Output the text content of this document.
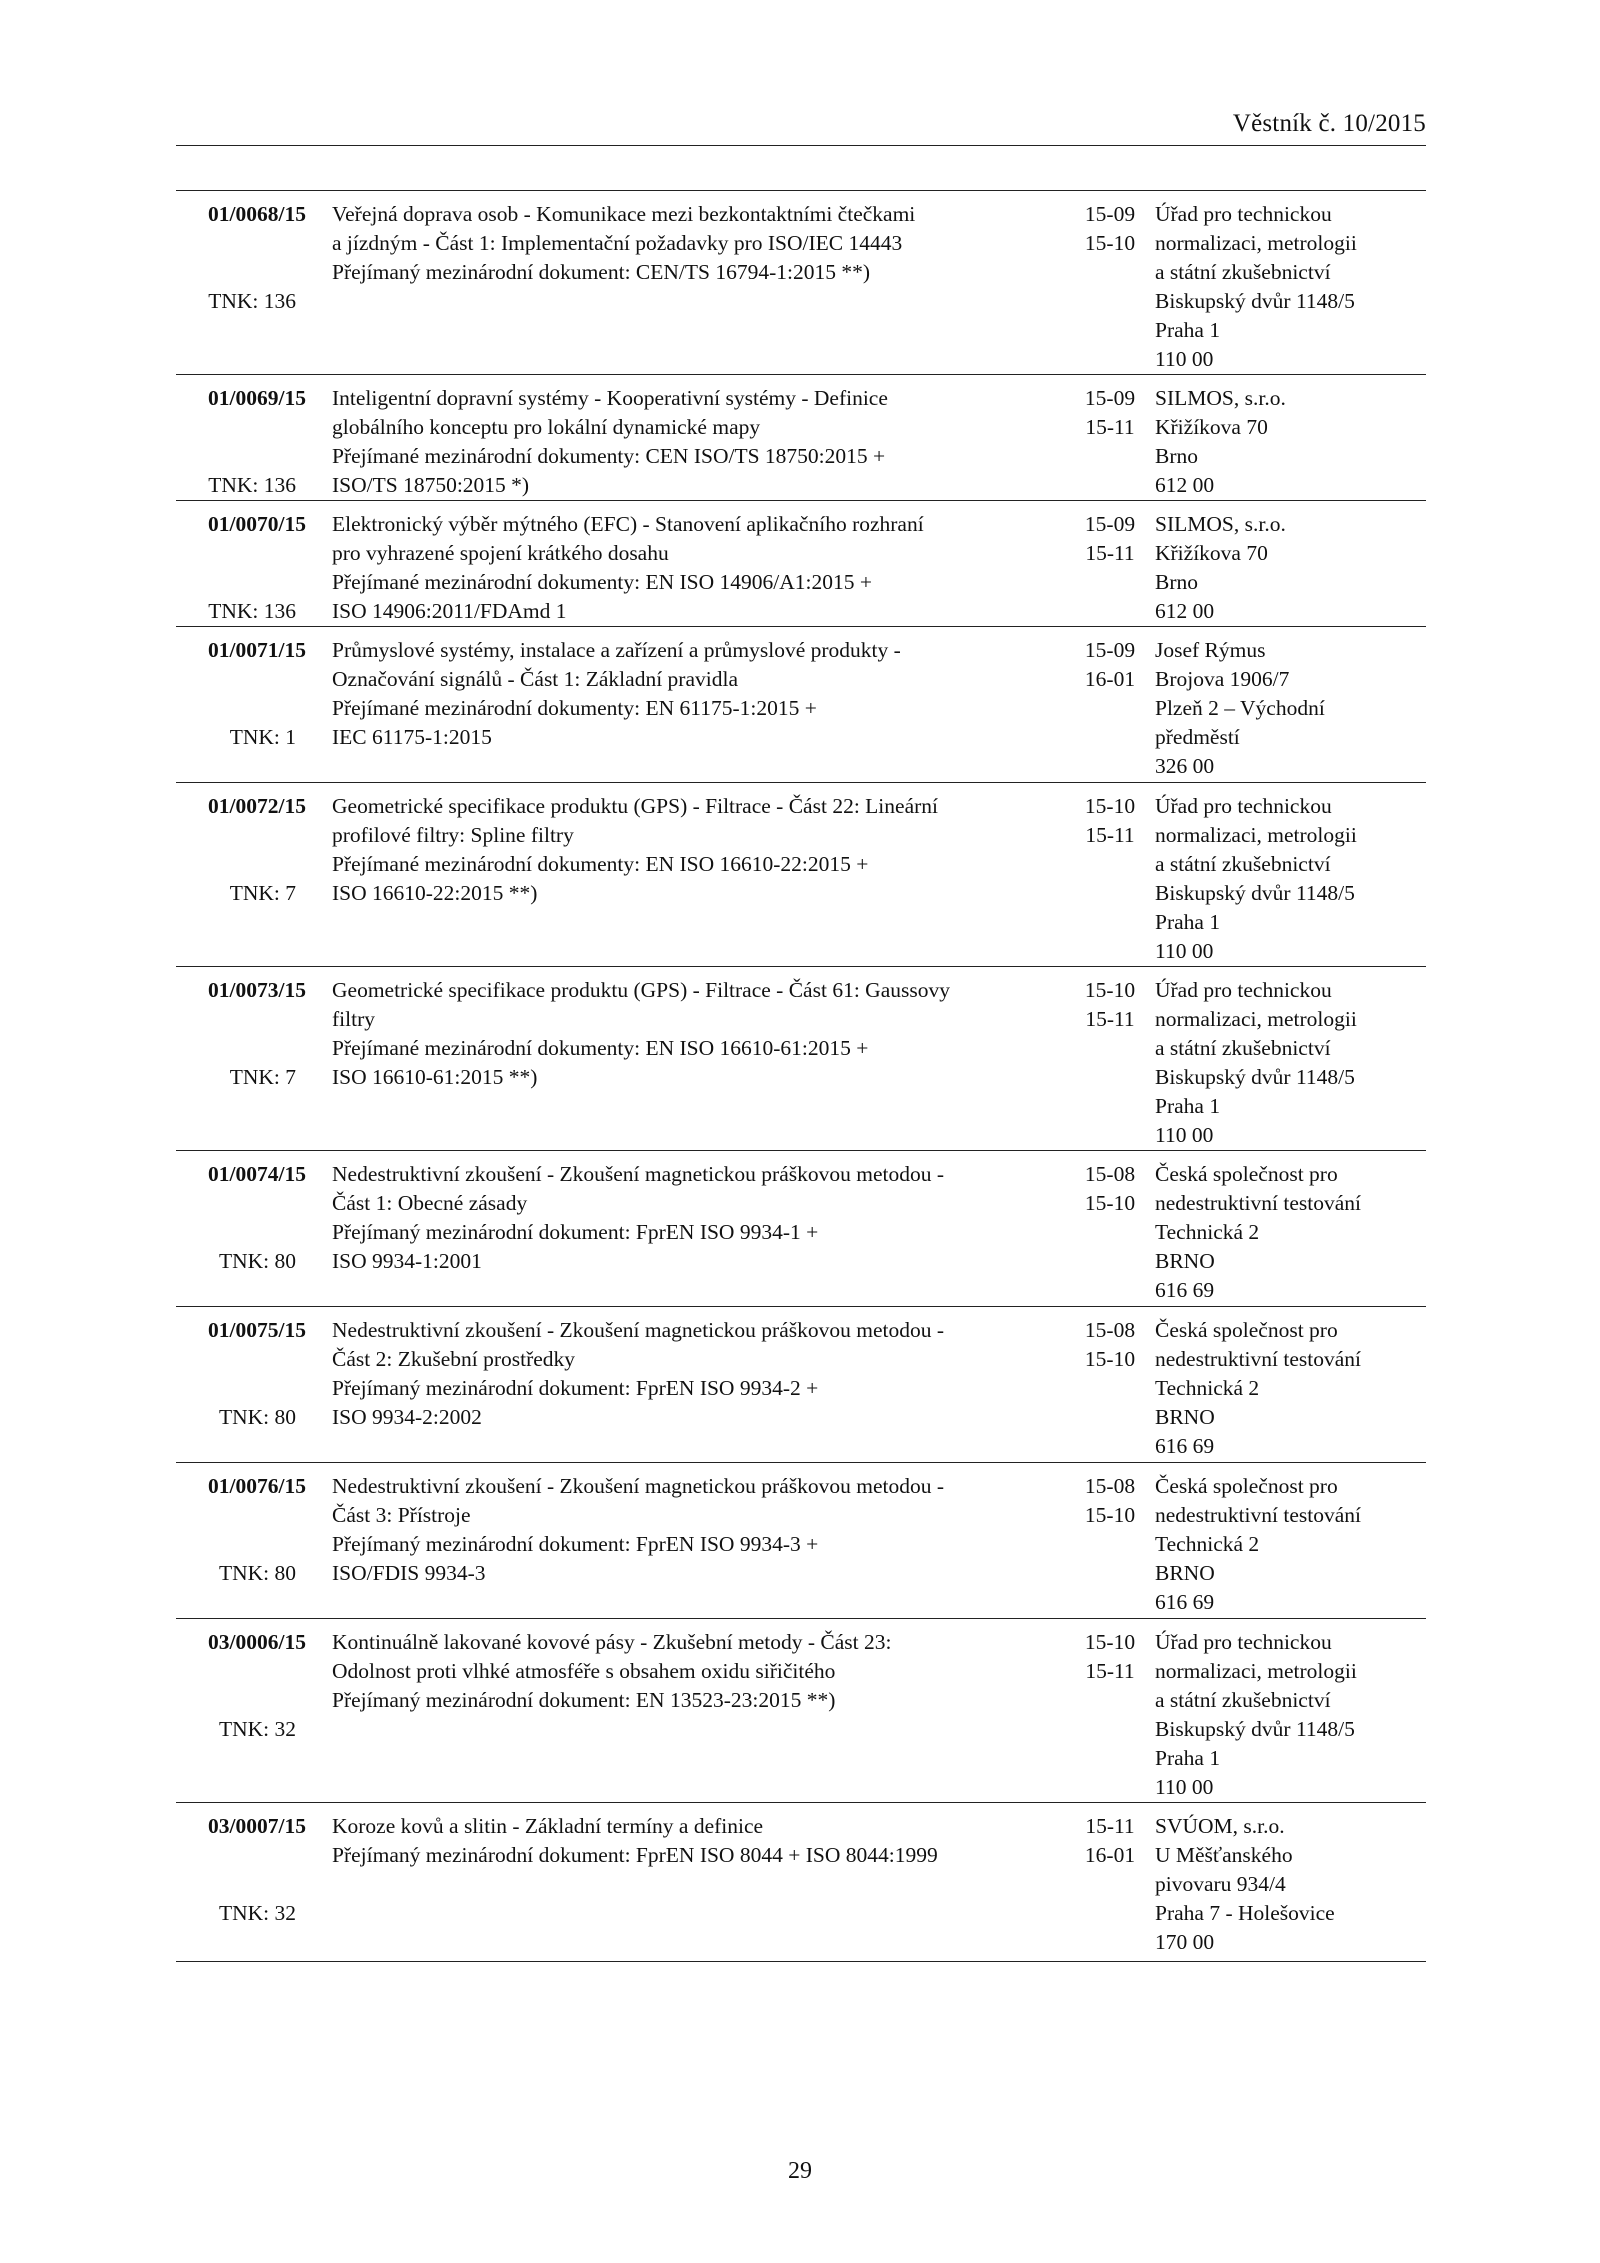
Věstník č. 10/2015
01/0068/15
TNK: 136
Veřejná doprava osob - Komunikace mezi bezkontaktními čtečkami
a jízdným - Část 1: Implementační požadavky pro ISO/IEC 14443
Přejímaný mezinárodní dokument: CEN/TS 16794-1:2015 **)
15-09
15-10
Úřad pro technickou
normalizaci, metrologii
a státní zkušebnictví
Biskupský dvůr 1148/5
Praha 1
110 00
01/0069/15
TNK: 136
Inteligentní dopravní systémy - Kooperativní systémy - Definice
globálního konceptu pro lokální dynamické mapy
Přejímané mezinárodní dokumenty: CEN ISO/TS 18750:2015 +
ISO/TS 18750:2015 *)
15-09
15-11
SILMOS, s.r.o.
Křižíkova 70
Brno
612 00
01/0070/15
TNK: 136
Elektronický výběr mýtného (EFC) - Stanovení aplikačního rozhraní
pro vyhrazené spojení krátkého dosahu
Přejímané mezinárodní dokumenty: EN ISO 14906/A1:2015 +
ISO 14906:2011/FDAmd 1
15-09
15-11
SILMOS, s.r.o.
Křižíkova 70
Brno
612 00
01/0071/15
TNK: 1
Průmyslové systémy, instalace a zařízení a průmyslové produkty -
Označování signálů - Část 1: Základní pravidla
Přejímané mezinárodní dokumenty: EN 61175-1:2015 +
IEC 61175-1:2015
15-09
16-01
Josef Rýmus
Brojova 1906/7
Plzeň 2 – Východní
předměstí
326 00
01/0072/15
TNK: 7
Geometrické specifikace produktu (GPS) - Filtrace - Část 22: Lineární
profilové filtry: Spline filtry
Přejímané mezinárodní dokumenty: EN ISO 16610-22:2015 +
ISO 16610-22:2015 **)
15-10
15-11
Úřad pro technickou
normalizaci, metrologii
a státní zkušebnictví
Biskupský dvůr 1148/5
Praha 1
110 00
01/0073/15
TNK: 7
Geometrické specifikace produktu (GPS) - Filtrace - Část 61: Gaussovy
filtry
Přejímané mezinárodní dokumenty: EN ISO 16610-61:2015 +
ISO 16610-61:2015 **)
15-10
15-11
Úřad pro technickou
normalizaci, metrologii
a státní zkušebnictví
Biskupský dvůr 1148/5
Praha 1
110 00
01/0074/15
TNK: 80
Nedestruktivní zkoušení - Zkoušení magnetickou práškovou metodou -
Část 1: Obecné zásady
Přejímaný mezinárodní dokument: FprEN ISO 9934-1 +
ISO 9934-1:2001
15-08
15-10
Česká společnost pro
nedestruktivní testování
Technická 2
BRNO
616 69
01/0075/15
TNK: 80
Nedestruktivní zkoušení - Zkoušení magnetickou práškovou metodou -
Část 2: Zkušební prostředky
Přejímaný mezinárodní dokument: FprEN ISO 9934-2 +
ISO 9934-2:2002
15-08
15-10
Česká společnost pro
nedestruktivní testování
Technická 2
BRNO
616 69
01/0076/15
TNK: 80
Nedestruktivní zkoušení - Zkoušení magnetickou práškovou metodou -
Část 3: Přístroje
Přejímaný mezinárodní dokument: FprEN ISO 9934-3 +
ISO/FDIS 9934-3
15-08
15-10
Česká společnost pro
nedestruktivní testování
Technická 2
BRNO
616 69
03/0006/15
TNK: 32
Kontinuálně lakované kovové pásy - Zkušební metody - Část 23:
Odolnost proti vlhké atmosféře s obsahem oxidu siřičitého
Přejímaný mezinárodní dokument: EN 13523-23:2015 **)
15-10
15-11
Úřad pro technickou
normalizaci, metrologii
a státní zkušebnictví
Biskupský dvůr 1148/5
Praha 1
110 00
03/0007/15
TNK: 32
Koroze kovů a slitin - Základní termíny a definice
Přejímaný mezinárodní dokument: FprEN ISO 8044 + ISO 8044:1999
15-11
16-01
SVÚOM, s.r.o.
U Měšťanského
pivovaru 934/4
Praha 7 - Holešovice
170 00
29
